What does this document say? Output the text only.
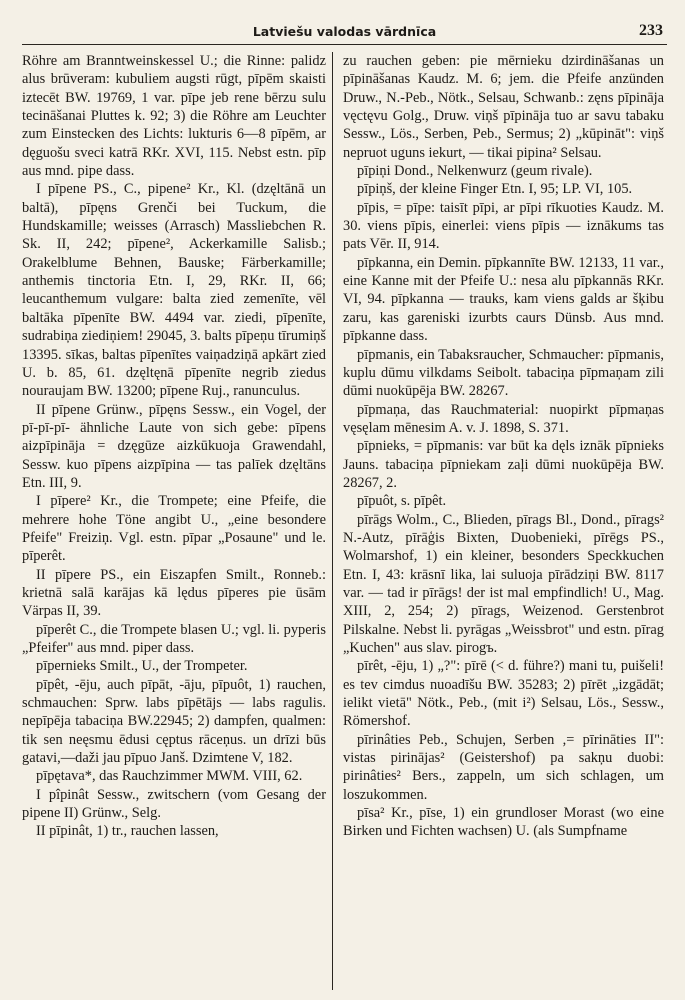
Latviešu valodas vārdnīca	233

Röhre am Branntweinskessel U.; die Rinne: palidz alus brūveram: kubuliem augsti rūgt, pīpēm skaisti iztecēt BW. 19769, 1 var. pīpe jeb rene bērzu sulu tecināšanai Pluttes k. 92; 3) die Röhre am Leuchter zum Einstecken des Lichts: lukturis 6—8 pīpēm, ar dęguošu sveci katrā RKr. XVI, 115. Nebst estn. pīp aus mnd. pipe dass.

I pīpene PS., C., pipene² Kr., Kl. (dzęltānā un baltā), pīpęns Grenči bei Tuckum, die Hundskamille; weisses (Arrasch) Massliebchen R. Sk. II, 242; pīpene², Ackerkamille Salisb.; Orakelblume Behnen, Bauske; Färberkamille; anthemis tinctoria Etn. I, 29, RKr. II, 66; leucanthemum vulgare: balta zied zemenīte, vēl baltāka pīpenīte BW. 4494 var. ziedi, pīpenīte, sudrabiņa ziediņiem! 29045, 3. balts pīpeņu tīrumiņš 13395. sīkas, baltas pīpenītes vaiņadziņā apkārt zied U. b. 85, 61. dzęltęnā pīpenīte negrib ziedus nouraujam BW. 13200; pīpene Ruj., ranunculus.

II pīpene Grünw., pīpęns Sessw., ein Vogel, der pī-pī-pī- ähnliche Laute von sich gebe: pīpens aizpīpināja = dzęgūze aizkūkuoja Grawendahl, Sessw. kuo pīpens aizpīpina — tas palīek dzęltāns Etn. III, 9.

I pīpere² Kr., die Trompete; eine Pfeife, die mehrere hohe Töne angibt U., „eine besondere Pfeife" Freiziņ. Vgl. estn. pīpar „Posaune" und le. pīperêt.

II pīpere PS., ein Eiszapfen Smilt., Ronneb.: krietnā salā karājas kā lędus pīperes pie ūsām Värpas II, 39.

pīperêt C., die Trompete blasen U.; vgl. li. pyperis „Pfeifer" aus mnd. piper dass.

pīpernieks Smilt., U., der Trompeter.

pīpêt, -ēju, auch pīpāt, -āju, pīpuôt, 1) rauchen, schmauchen: Sprw. labs pīpētājs — labs ragulis. nepīpēja tabaciņa BW.22945; 2) dampfen, qualmen: tik sen neęsmu ēdusi cęptus rāceņus. un drīzi būs gatavi,—daži jau pīpuo Janš. Dzimtene V, 182.

pīpętava*, das Rauchzimmer MWM. VIII, 62.

I pîpinât Sessw., zwitschern (vom Gesang der pipene II) Grünw., Selg.

II pīpinât, 1) tr., rauchen lassen,

zu rauchen geben: pie mērnieku dzirdināšanas un pīpināšanas Kaudz. M. 6; jem. die Pfeife anzünden Druw., N.-Peb., Nötk., Selsau, Schwanb.: zęns pīpināja vęctęvu Golg., Druw. viņš pīpināja tuo ar savu tabaku Sessw., Lös., Serben, Peb., Sermus; 2) „kūpināt": viņš nepruot uguns iekurt, — tikai pipina² Selsau.

pīpiņi Dond., Nelkenwurz (geum rivale).

pīpiņš, der kleine Finger Etn. I, 95; LP. VI, 105.

pīpis, = pīpe: taisīt pīpi, ar pīpi rīkuoties Kaudz. M. 30. viens pīpis, einerlei: viens pīpis — iznākums tas pats Vēr. II, 914.

pīpkanna, ein Demin. pīpkannīte BW. 12133, 11 var., eine Kanne mit der Pfeife U.: nesa alu pīpkannās RKr. VI, 94. pīpkanna — trauks, kam viens galds ar šķibu zaru, kas gareniski izurbts caurs Dünsb. Aus mnd. pīpkanne dass.

pīpmanis, ein Tabaksraucher, Schmaucher: pīpmanis, kuplu dūmu vilkdams Seibolt. tabaciņa pīpmaņam zili dūmi nuokūpēja BW. 28267.

pīpmaņa, das Rauchmaterial: nuopirkt pīpmaņas vęsęlam mēnesim A. v. J. 1898, S. 371.

pīpnieks, = pīpmanis: var būt ka dęls iznāk pīpnieks Jauns. tabaciņa pīpniekam zaļi dūmi nuokūpēja BW. 28267, 2.

pīpuôt, s. pīpêt.

pīrāgs Wolm., C., Blieden, pīrags Bl., Dond., pīrags² N.-Autz, pīrāģis Bixten, Duobenieki, pīrēgs PS., Wolmarshof, 1) ein kleiner, besonders Speckkuchen Etn. I, 43: krāsnī lika, lai suluoja pīrādziņi BW. 8117 var. — tad ir pīrāgs! der ist mal empfindlich! U., Mag. XIII, 2, 254; 2) pīrags, Weizenod. Gerstenbrot Pilskalne. Nebst li. pyrāgas „Weissbrot" und estn. pīrag „Kuchen" aus slav. pirogъ.

pīrêt, -ēju, 1) „?": pīrē (< d. führe?) mani tu, puišeli! es tev cimdus nuoadīšu BW. 35283; 2) pīrēt „izgādāt; ielikt vietā" Nötk., Peb., (mit i²) Selsau, Lös., Sessw., Römershof.

pīrinâties Peb., Schujen, Serben ,= pīrināties II": vistas pirinājas² (Geistershof) pa sakņu duobi: pirinâties² Bers., zappeln, um sich schlagen, um loszukommen.

pīsa² Kr., pīse, 1) ein grundloser Morast (wo eine Birken und Fichten wachsen) U. (als Sumpfname
